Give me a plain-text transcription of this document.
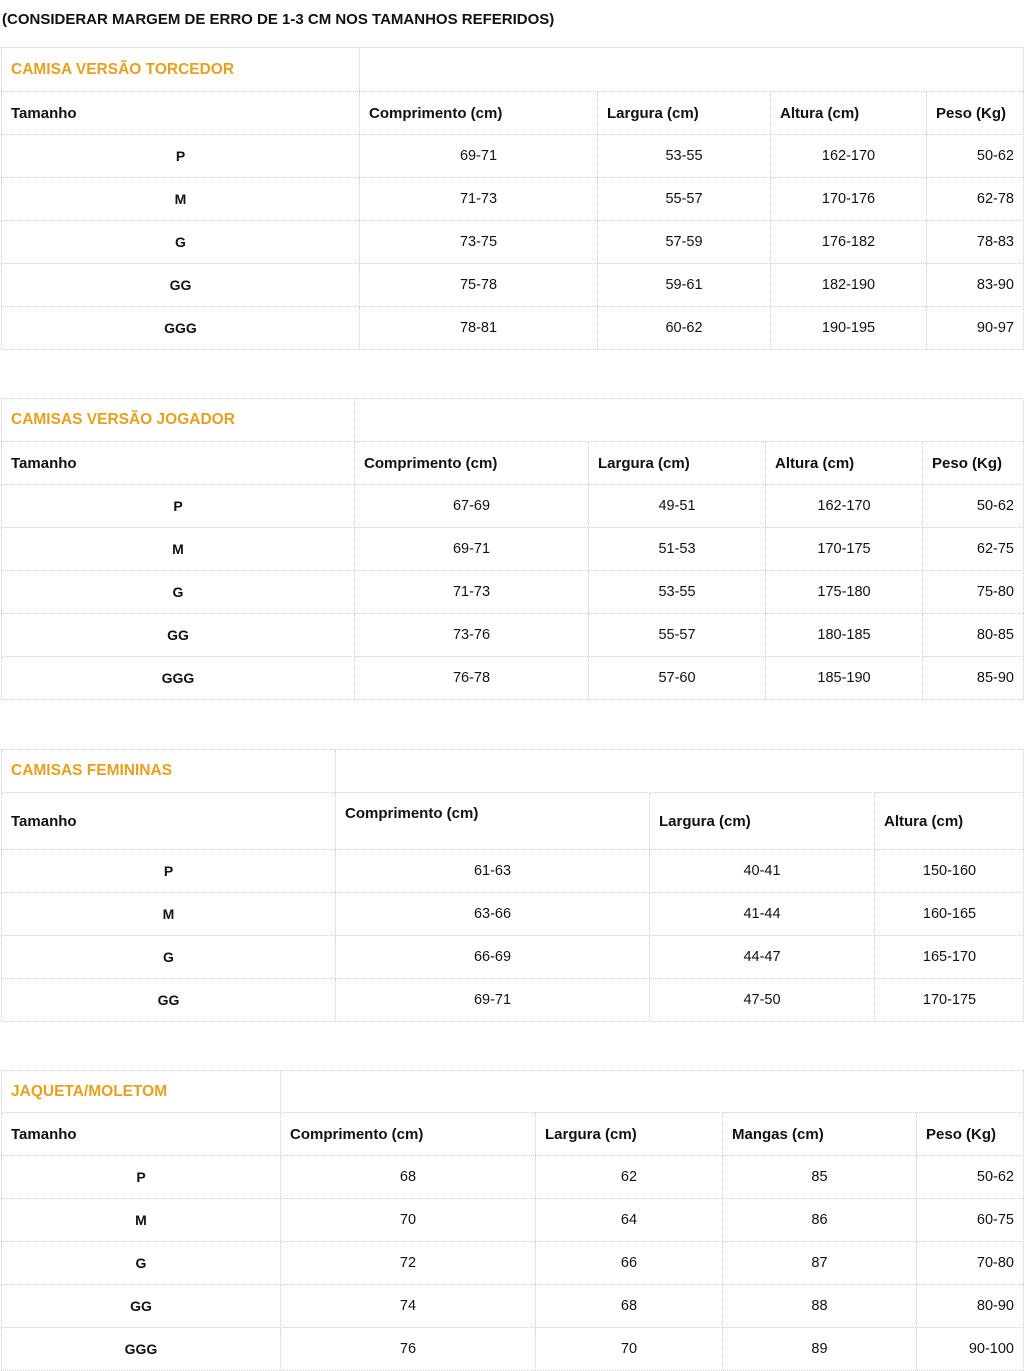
(CONSIDERAR MARGEM DE ERRO DE 1-3 CM NOS TAMANHOS REFERIDOS)
CAMISA VERSÃO TORCEDOR
Tamanho	Comprimento (cm)	Largura (cm)	Altura (cm)	Peso (Kg)
P	69-71	53-55	162-170	50-62
M	71-73	55-57	170-176	62-78
G	73-75	57-59	176-182	78-83
GG	75-78	59-61	182-190	83-90
GGG	78-81	60-62	190-195	90-97
CAMISAS VERSÃO JOGADOR
Tamanho	Comprimento (cm)	Largura (cm)	Altura (cm)	Peso (Kg)
P	67-69	49-51	162-170	50-62
M	69-71	51-53	170-175	62-75
G	71-73	53-55	175-180	75-80
GG	73-76	55-57	180-185	80-85
GGG	76-78	57-60	185-190	85-90
CAMISAS FEMININAS
Tamanho	Comprimento (cm)	Largura (cm)	Altura (cm)
P	61-63	40-41	150-160
M	63-66	41-44	160-165
G	66-69	44-47	165-170
GG	69-71	47-50	170-175
JAQUETA/MOLETOM
Tamanho	Comprimento (cm)	Largura (cm)	Mangas (cm)	Peso (Kg)
P	68	62	85	50-62
M	70	64	86	60-75
G	72	66	87	70-80
GG	74	68	88	80-90
GGG	76	70	89	90-100
